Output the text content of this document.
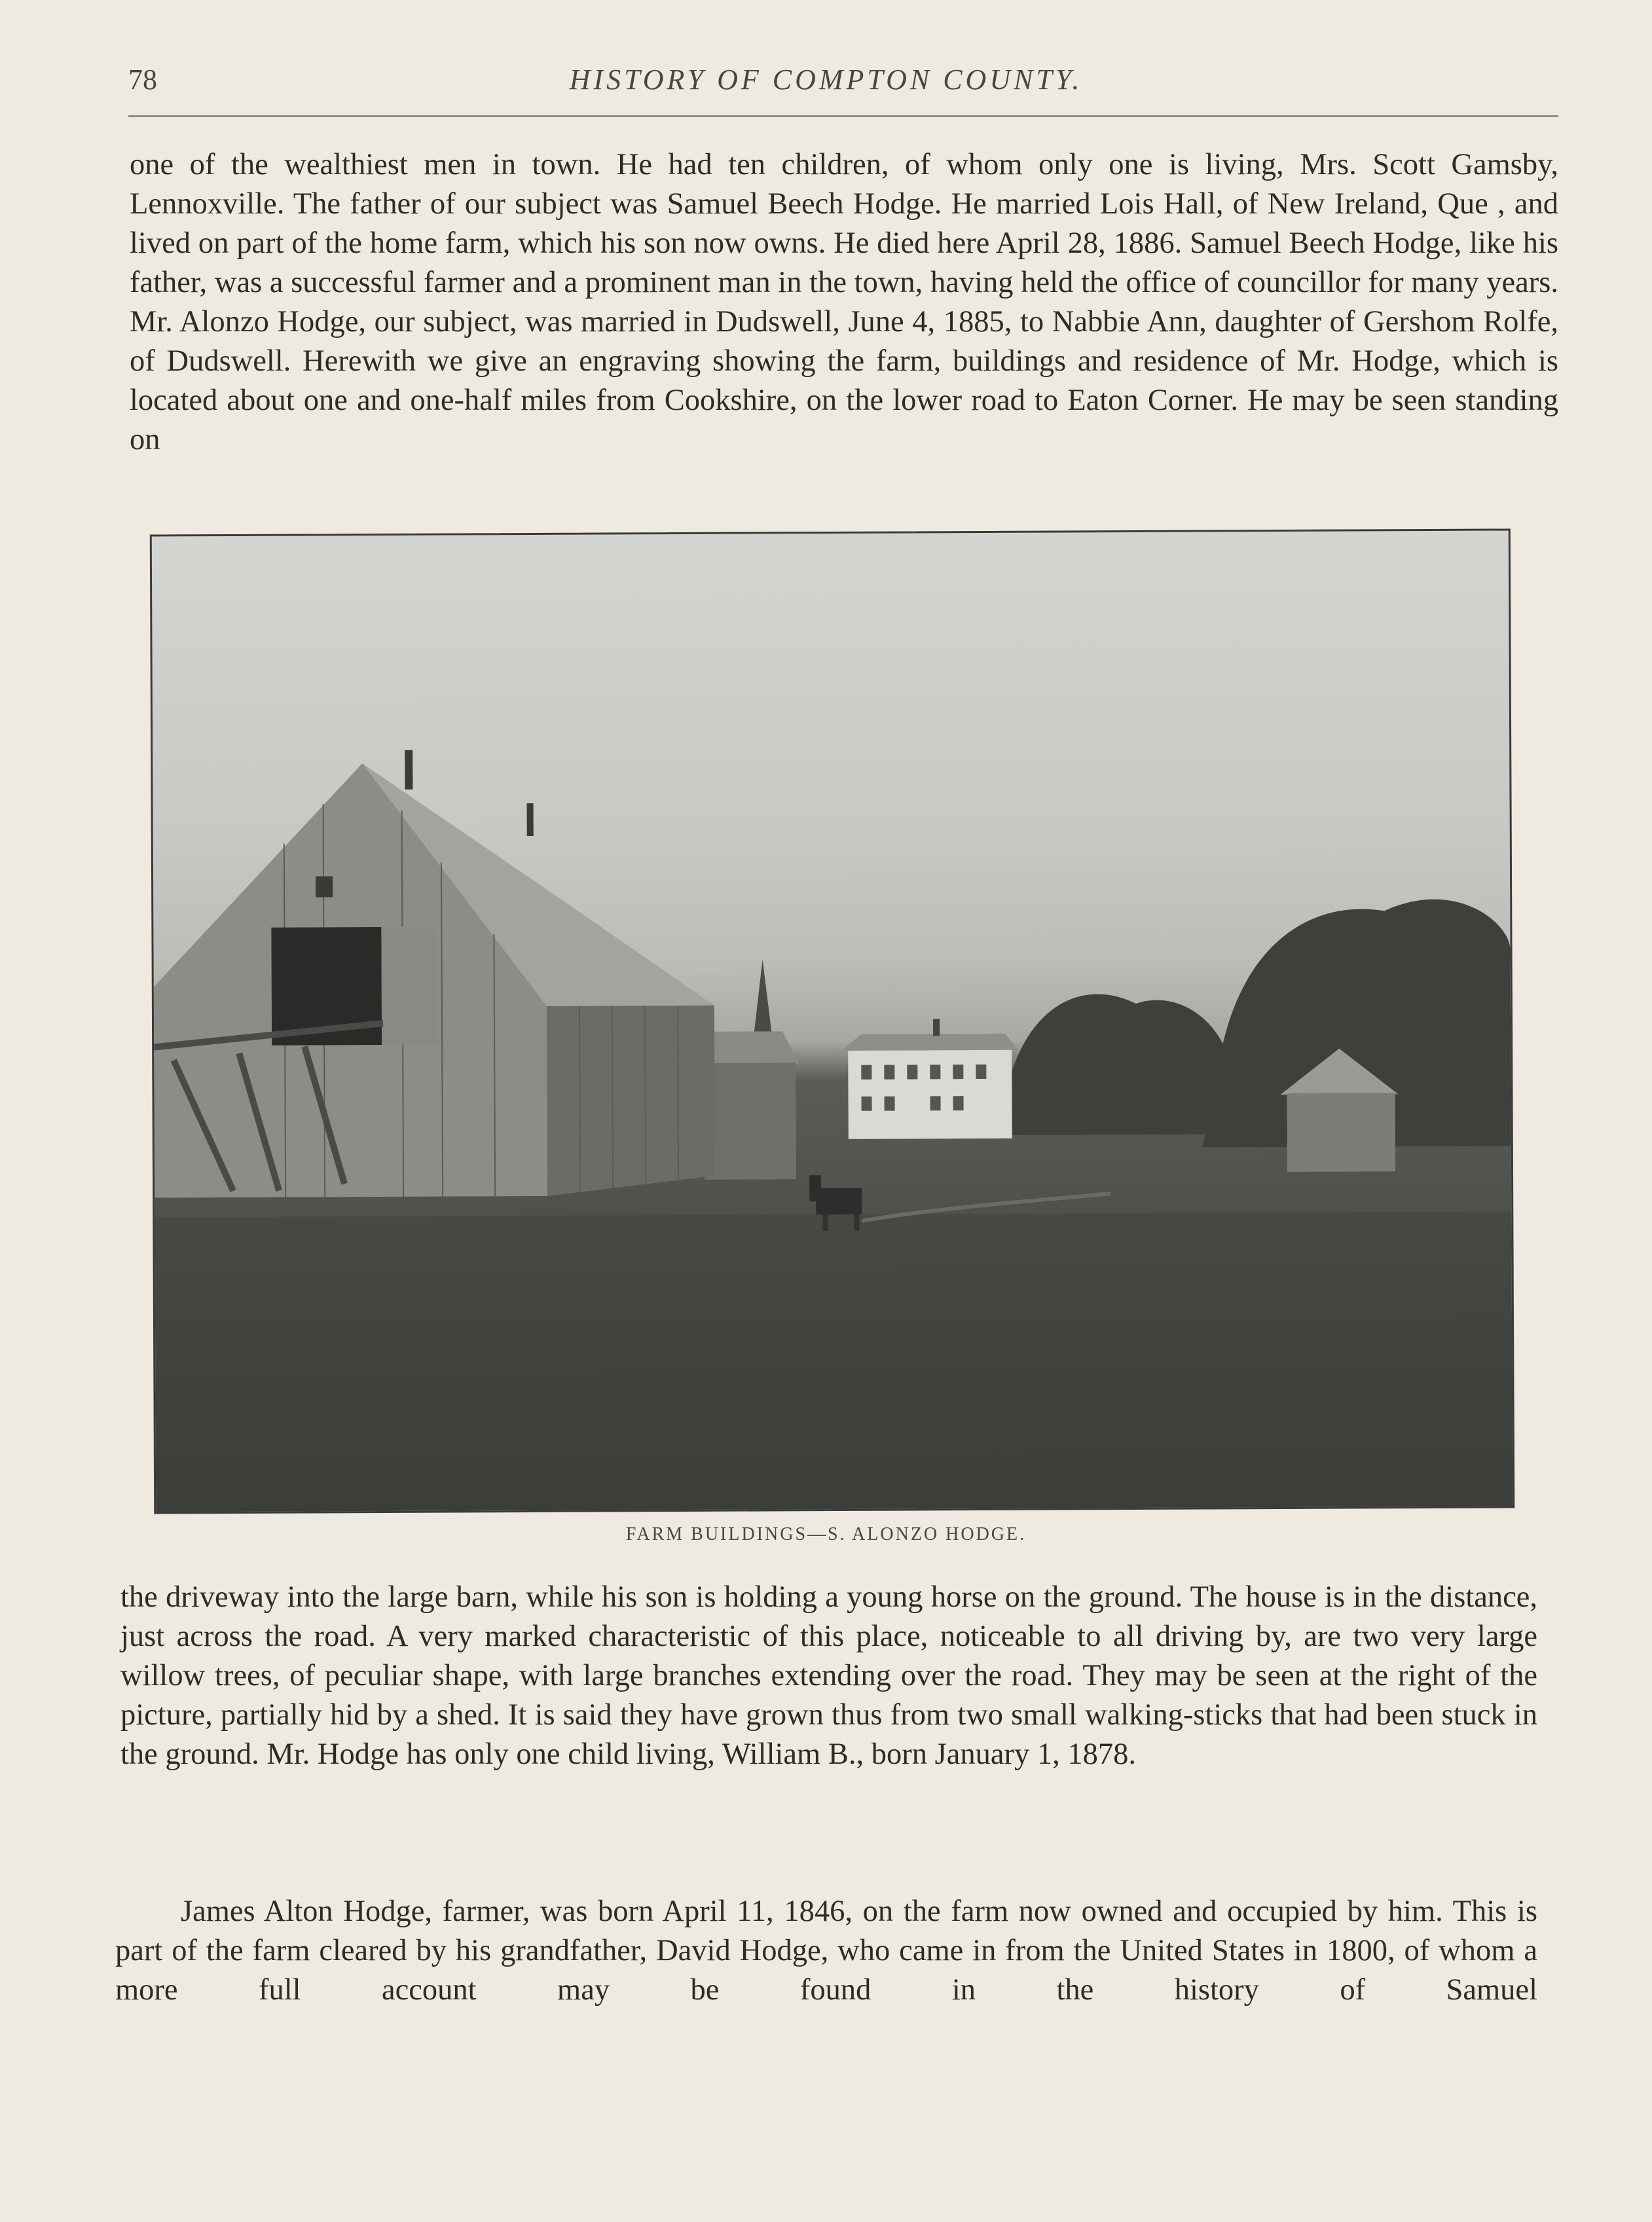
78	HISTORY OF COMPTON COUNTY.

one of the wealthiest men in town. He had ten children, of whom only one is living, Mrs. Scott Gamsby, Lennoxville. The father of our subject was Samuel Beech Hodge. He married Lois Hall, of New Ireland, Que , and lived on part of the home farm, which his son now owns. He died here April 28, 1886. Samuel Beech Hodge, like his father, was a successful farmer and a prominent man in the town, having held the office of councillor for many years. Mr. Alonzo Hodge, our subject, was married in Dudswell, June 4, 1885, to Nabbie Ann, daughter of Gershom Rolfe, of Dudswell. Herewith we give an engraving showing the farm, buildings and residence of Mr. Hodge, which is located about one and one-half miles from Cookshire, on the lower road to Eaton Corner. He may be seen standing on

FARM BUILDINGS—S. ALONZO HODGE.

the driveway into the large barn, while his son is holding a young horse on the ground. The house is in the distance, just across the road. A very marked characteristic of this place, noticeable to all driving by, are two very large willow trees, of peculiar shape, with large branches extending over the road. They may be seen at the right of the picture, partially hid by a shed. It is said they have grown thus from two small walking-sticks that had been stuck in the ground. Mr. Hodge has only one child living, William B., born January 1, 1878.

James Alton Hodge, farmer, was born April 11, 1846, on the farm now owned and occupied by him. This is part of the farm cleared by his grandfather, David Hodge, who came in from the United States in 1800, of whom a more full account may be found in the history of Samuel
